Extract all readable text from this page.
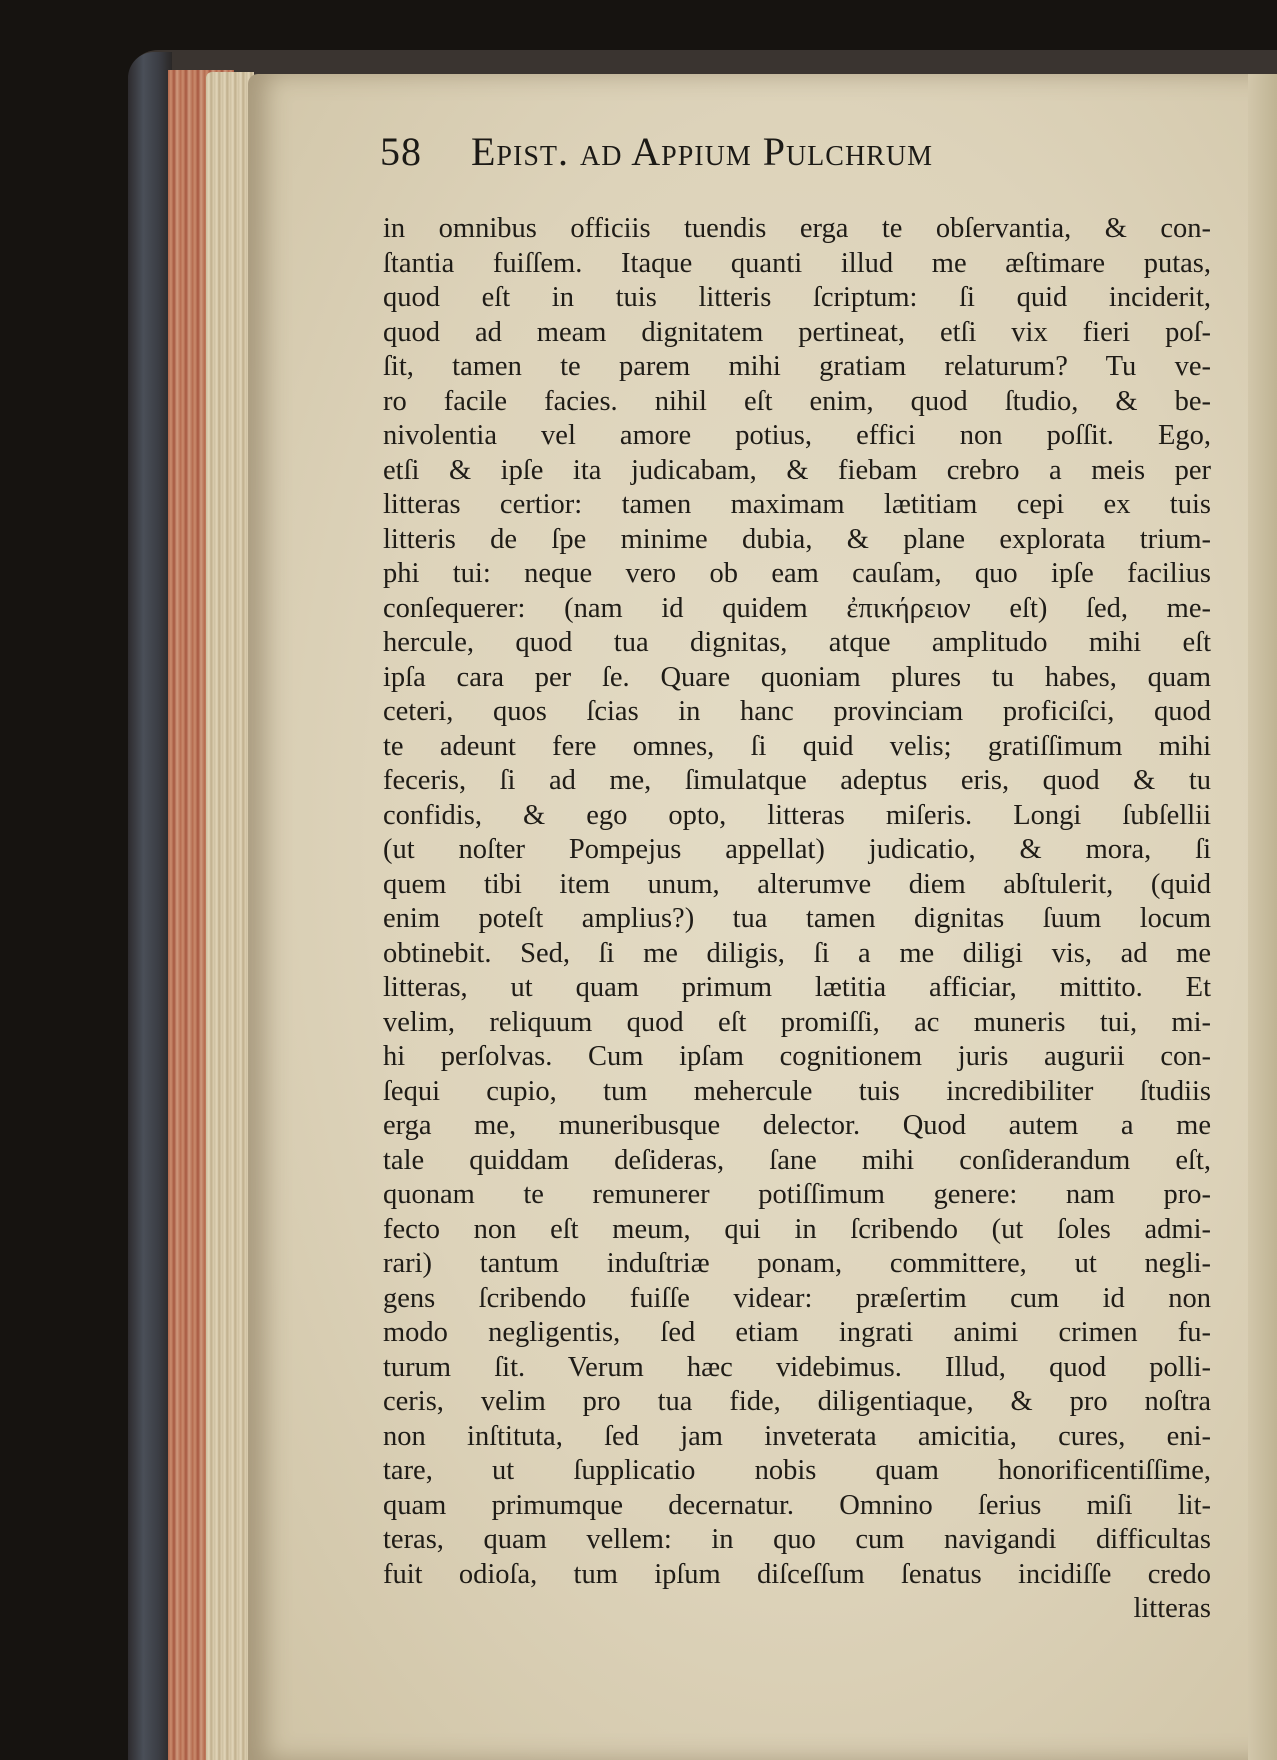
58 Epist. ad Appium Pulchrum
in omnibus officiis tuendis erga te obſervantia, & con-
ſtantia fuiſſem. Itaque quanti illud me æſtimare putas,
quod eſt in tuis litteris ſcriptum: ſi quid inciderit,
quod ad meam dignitatem pertineat, etſi vix fieri poſ-
ſit, tamen te parem mihi gratiam relaturum? Tu ve-
ro facile facies. nihil eſt enim, quod ſtudio, & be-
nivolentia vel amore potius, effici non poſſit. Ego,
etſi & ipſe ita judicabam, & fiebam crebro a meis per
litteras certior: tamen maximam lætitiam cepi ex tuis
litteris de ſpe minime dubia, & plane explorata trium-
phi tui: neque vero ob eam cauſam, quo ipſe facilius
conſequerer: (nam id quidem ἐπικήρειον eſt) ſed, me-
hercule, quod tua dignitas, atque amplitudo mihi eſt
ipſa cara per ſe. Quare quoniam plures tu habes, quam
ceteri, quos ſcias in hanc provinciam proficiſci, quod
te adeunt fere omnes, ſi quid velis; gratiſſimum mihi
feceris, ſi ad me, ſimulatque adeptus eris, quod & tu
confidis, & ego opto, litteras miſeris. Longi ſubſellii
(ut noſter Pompejus appellat) judicatio, & mora, ſi
quem tibi item unum, alterumve diem abſtulerit, (quid
enim poteſt amplius?) tua tamen dignitas ſuum locum
obtinebit. Sed, ſi me diligis, ſi a me diligi vis, ad me
litteras, ut quam primum lætitia afficiar, mittito. Et
velim, reliquum quod eſt promiſſi, ac muneris tui, mi-
hi perſolvas. Cum ipſam cognitionem juris augurii con-
ſequi cupio, tum mehercule tuis incredibiliter ſtudiis
erga me, muneribusque delector. Quod autem a me
tale quiddam deſideras, ſane mihi conſiderandum eſt,
quonam te remunerer potiſſimum genere: nam pro-
fecto non eſt meum, qui in ſcribendo (ut ſoles admi-
rari) tantum induſtriæ ponam, committere, ut negli-
gens ſcribendo fuiſſe videar: præſertim cum id non
modo negligentis, ſed etiam ingrati animi crimen fu-
turum ſit. Verum hæc videbimus. Illud, quod polli-
ceris, velim pro tua fide, diligentiaque, & pro noſtra
non inſtituta, ſed jam inveterata amicitia, cures, eni-
tare, ut ſupplicatio nobis quam honorificentiſſime,
quam primumque decernatur. Omnino ſerius miſi lit-
teras, quam vellem: in quo cum navigandi difficultas
fuit odioſa, tum ipſum diſceſſum ſenatus incidiſſe credo
litteras
